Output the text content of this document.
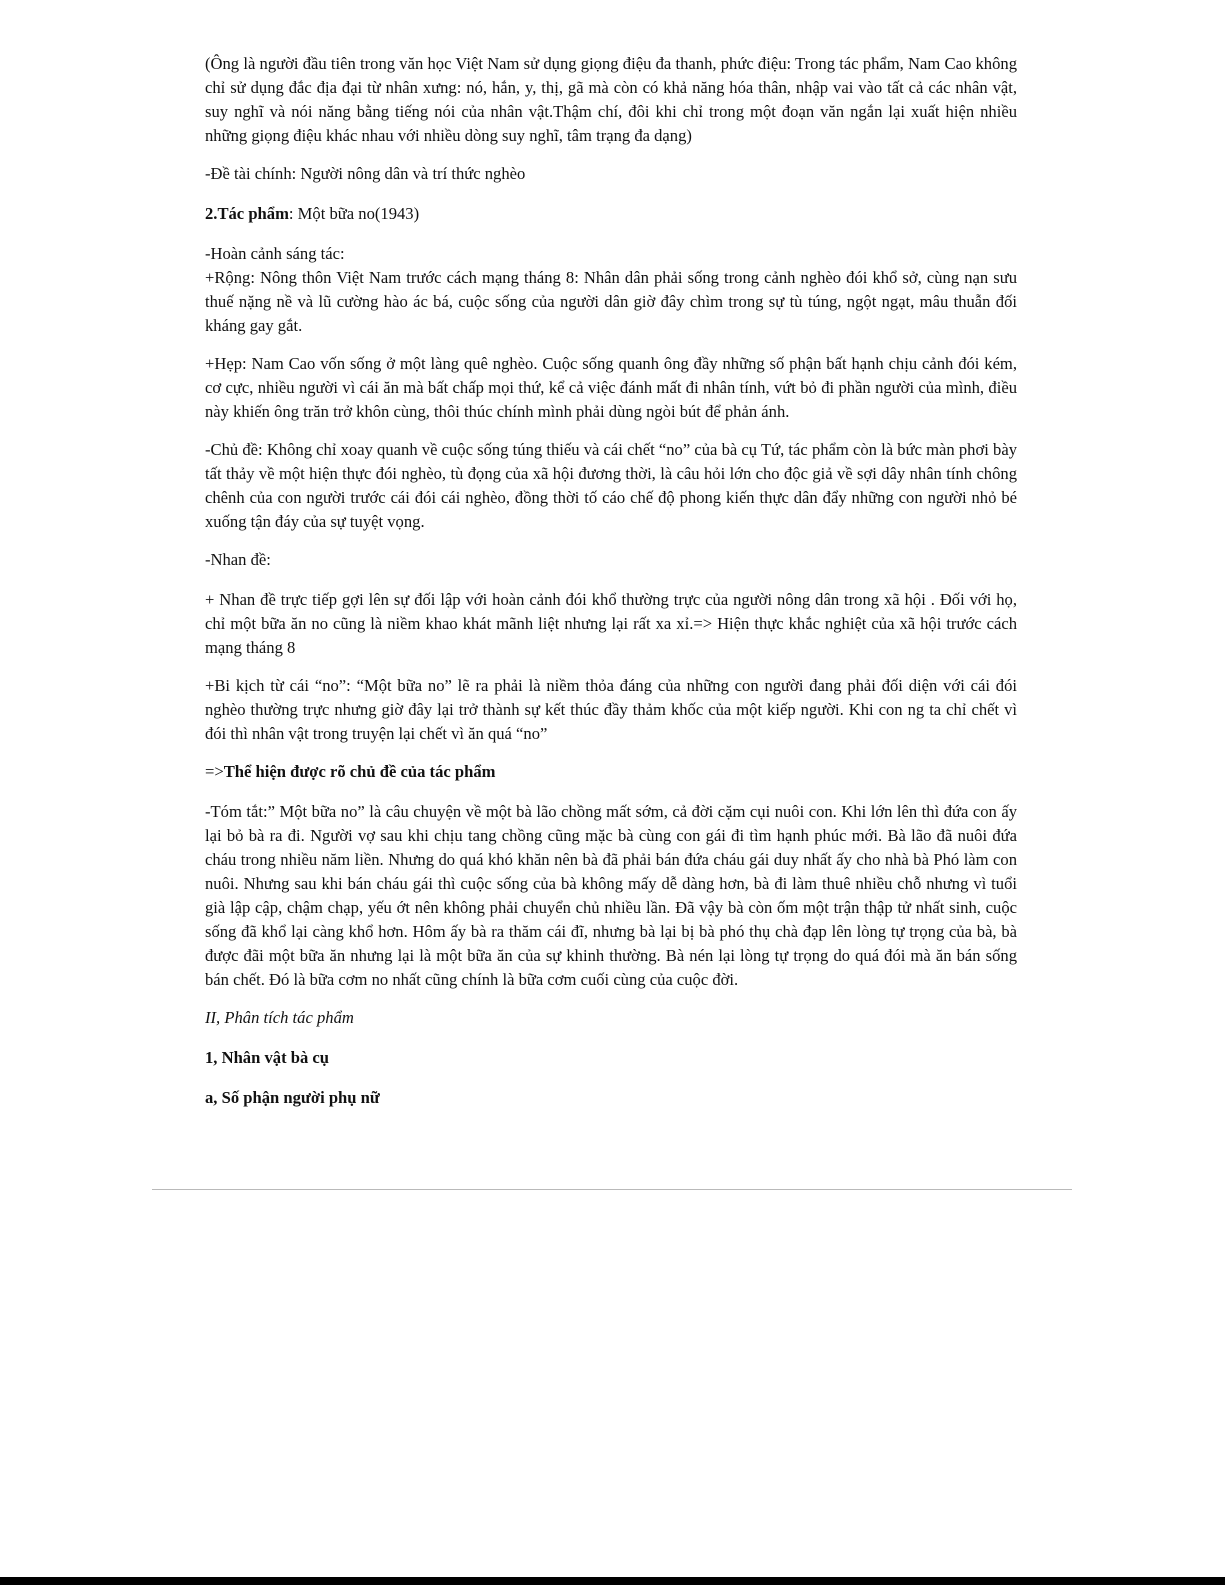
(Ông là người đầu tiên trong văn học Việt Nam sử dụng giọng điệu đa thanh, phức điệu: Trong tác phẩm, Nam Cao không chỉ sử dụng đắc địa đại từ nhân xưng: nó, hắn, y, thị, gã mà còn có khả năng hóa thân, nhập vai vào tất cả các nhân vật, suy nghĩ và nói năng bằng tiếng nói của nhân vật.Thậm chí, đôi khi chỉ trong một đoạn văn ngắn lại xuất hiện nhiều những giọng điệu khác nhau với nhiều dòng suy nghĩ, tâm trạng đa dạng)

-Đề tài chính: Người nông dân và trí thức nghèo

2.Tác phẩm: Một bữa no(1943)

-Hoàn cảnh sáng tác:

+Rộng: Nông thôn Việt Nam trước cách mạng tháng 8: Nhân dân phải sống trong cảnh nghèo đói khổ sở, cùng nạn sưu thuế nặng nề và lũ cường hào ác bá, cuộc sống của người dân giờ đây chìm trong sự tù túng, ngột ngạt, mâu thuẫn đối kháng gay gắt.

+Hẹp: Nam Cao vốn sống ở một làng quê nghèo. Cuộc sống quanh ông đầy những số phận bất hạnh chịu cảnh đói kém, cơ cực, nhiều người vì cái ăn mà bất chấp mọi thứ, kể cả việc đánh mất đi nhân tính, vứt bỏ đi phần người của mình, điều này khiến ông trăn trở khôn cùng, thôi thúc chính mình phải dùng ngòi bút để phản ánh.

-Chủ đề: Không chỉ xoay quanh về cuộc sống túng thiếu và cái chết “no” của bà cụ Tứ, tác phẩm còn là bức màn phơi bày tất thảy về một hiện thực đói nghèo, tù đọng của xã hội đương thời, là câu hỏi lớn cho độc giả về sợi dây nhân tính chông chênh của con người trước cái đói cái nghèo, đồng thời tố cáo chế độ phong kiến thực dân đẩy những con người nhỏ bé xuống tận đáy của sự tuyệt vọng.

-Nhan đề:

+ Nhan đề trực tiếp gợi lên sự đối lập với hoàn cảnh đói khổ thường trực của người nông dân trong xã hội . Đối với họ, chỉ một bữa ăn no cũng là niềm khao khát mãnh liệt nhưng lại rất xa xỉ.=> Hiện thực khắc nghiệt của xã hội trước cách mạng tháng 8

+Bi kịch từ cái “no”: “Một bữa no” lẽ ra phải là niềm thỏa đáng của những con người đang phải đối diện với cái đói nghèo thường trực nhưng giờ đây lại trở thành sự kết thúc đầy thảm khốc của một kiếp người. Khi con ng ta chỉ chết vì đói thì nhân vật trong truyện lại chết vì ăn quá “no”

=>Thể hiện được rõ chủ đề của tác phẩm

-Tóm tắt:” Một bữa no” là câu chuyện về một bà lão chồng mất sớm, cả đời cặm cụi nuôi con. Khi lớn lên thì đứa con ấy lại bỏ bà ra đi. Người vợ sau khi chịu tang chồng cũng mặc bà cùng con gái đi tìm hạnh phúc mới. Bà lão đã nuôi đứa cháu trong nhiều năm liền. Nhưng do quá khó khăn nên bà đã phải bán đứa cháu gái duy nhất ấy cho nhà bà Phó làm con nuôi. Nhưng sau khi bán cháu gái thì cuộc sống của bà không mấy dễ dàng hơn, bà đi làm thuê nhiều chỗ nhưng vì tuổi già lập cập, chậm chạp, yếu ớt nên không phải chuyển chủ nhiều lần. Đã vậy bà còn ốm một trận thập tử nhất sinh, cuộc sống đã khổ lại càng khổ hơn. Hôm ấy bà ra thăm cái đĩ, nhưng bà lại bị bà phó thụ chà đạp lên lòng tự trọng của bà, bà được đãi một bữa ăn nhưng lại là một bữa ăn của sự khinh thường. Bà nén lại lòng tự trọng do quá đói mà ăn bán sống bán chết. Đó là bữa cơm no nhất cũng chính là bữa cơm cuối cùng của cuộc đời.

II, Phân tích tác phẩm

1, Nhân vật bà cụ

a, Số phận người phụ nữ
